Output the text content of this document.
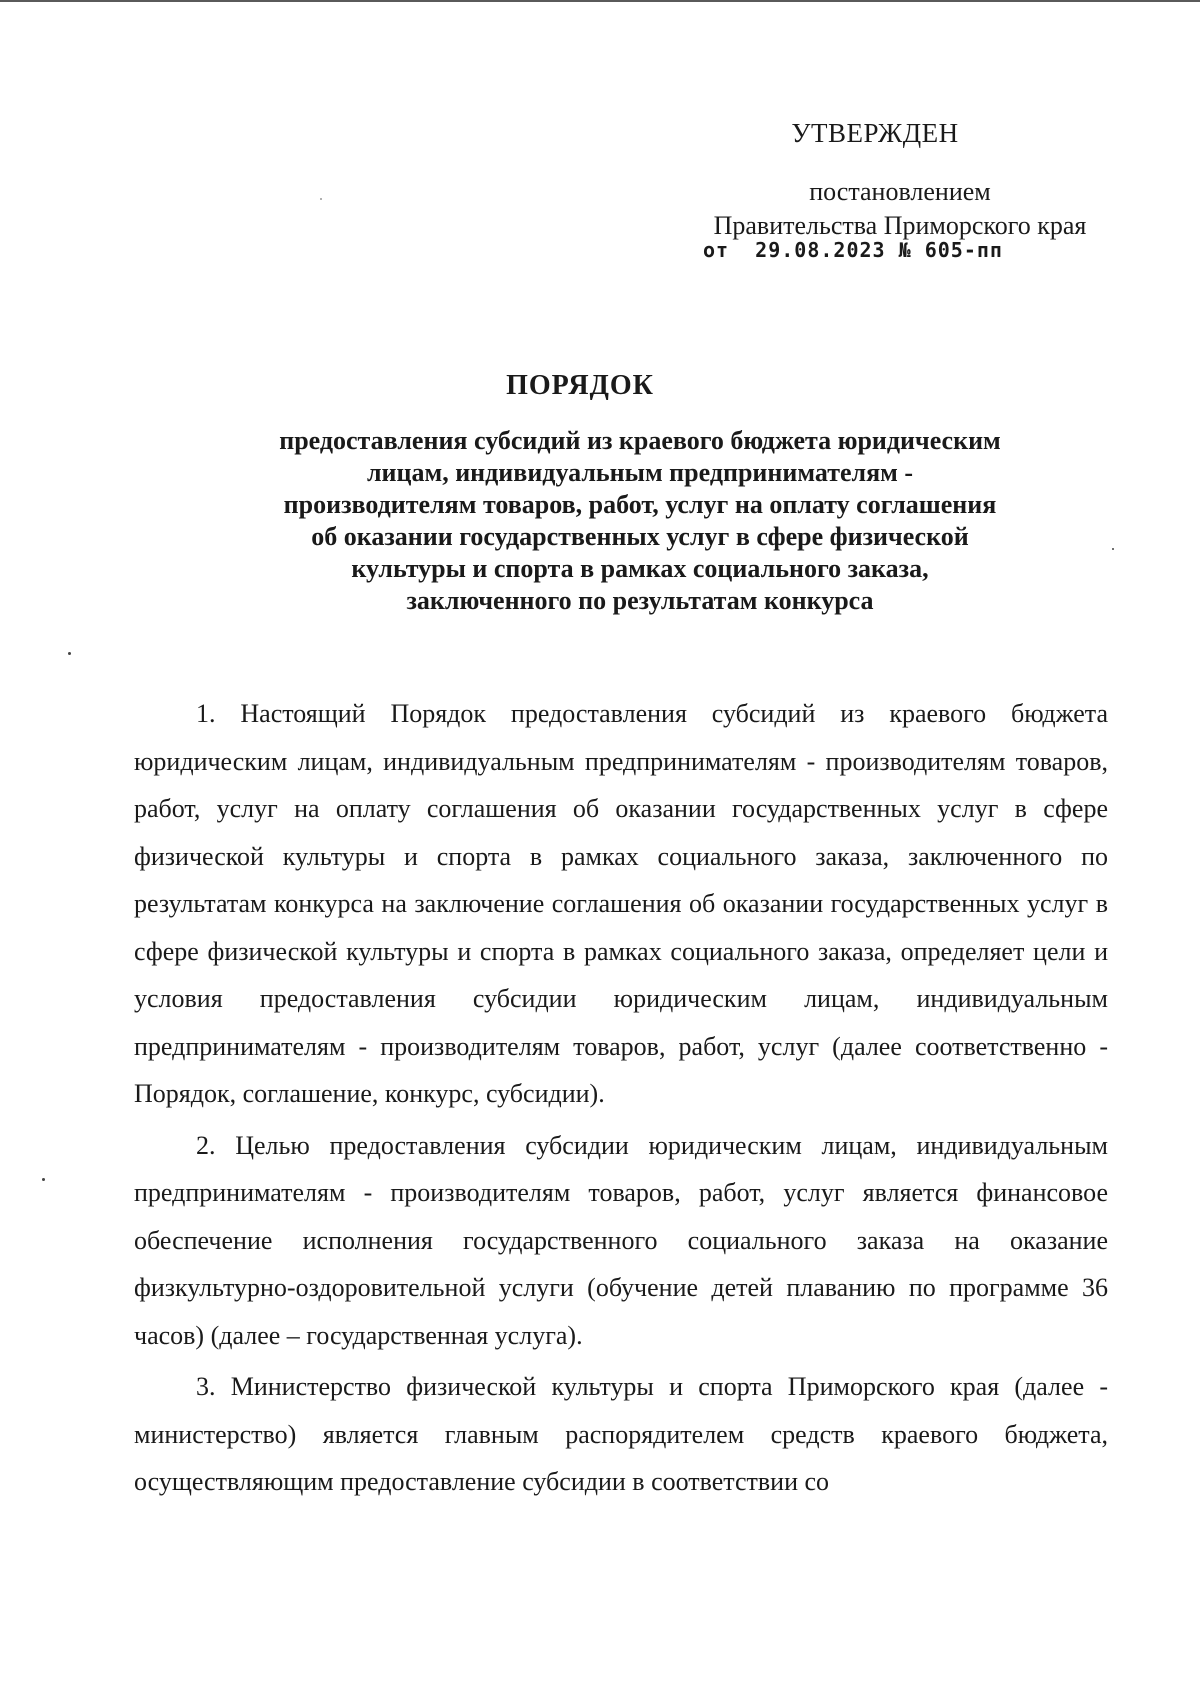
УТВЕРЖДЕН
постановлением
Правительства Приморского края
от  29.08.2023 № 605-пп
ПОРЯДОК
предоставления субсидий из краевого бюджета юридическим
лицам, индивидуальным предпринимателям -
производителям товаров, работ, услуг на оплату соглашения
об оказании государственных услуг в сфере физической
культуры и спорта в рамках социального заказа,
заключенного по результатам конкурса

1. Настоящий Порядок предоставления субсидий из краевого бюджета юридическим лицам, индивидуальным предпринимателям - производителям товаров, работ, услуг на оплату соглашения об оказании государственных услуг в сфере физической культуры и спорта в рамках социального заказа, заключенного по результатам конкурса на заключение соглашения об оказании государственных услуг в сфере физической культуры и спорта в рамках социального заказа, определяет цели и условия предоставления субсидии юридическим лицам, индивидуальным предпринимателям - производителям товаров, работ, услуг (далее соответственно - Порядок, соглашение, конкурс, субсидии).

2. Целью предоставления субсидии юридическим лицам, индивидуальным предпринимателям - производителям товаров, работ, услуг является финансовое обеспечение исполнения государственного социального заказа на оказание физкультурно-оздоровительной услуги (обучение детей плаванию по программе 36 часов) (далее – государственная услуга).

3. Министерство физической культуры и спорта Приморского края (далее - министерство) является главным распорядителем средств краевого бюджета, осуществляющим предоставление субсидии в соответствии со
